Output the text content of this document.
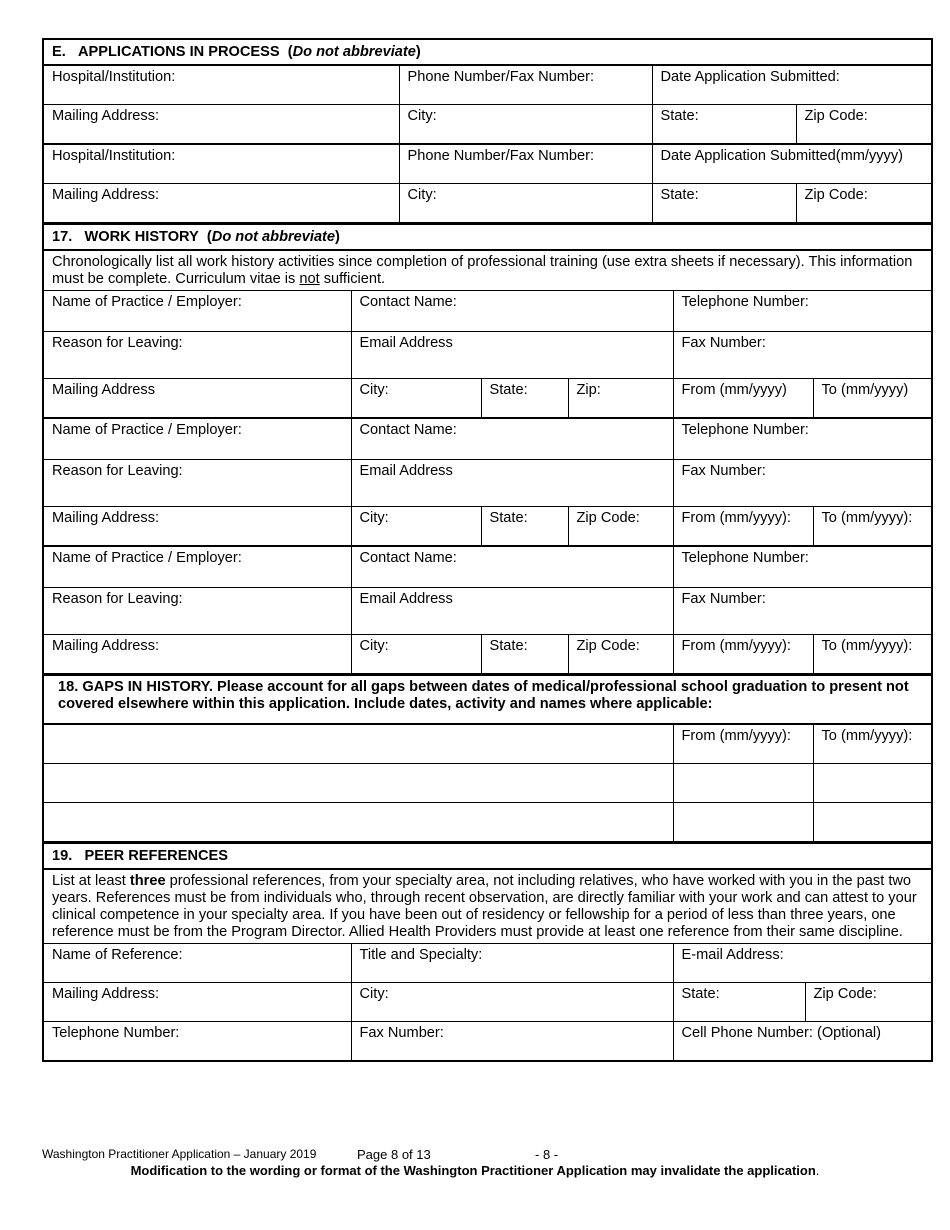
E. APPLICATIONS IN PROCESS  (Do not abbreviate)			
Hospital/Institution:	Phone Number/Fax Number:	Date Application Submitted:	
Mailing Address:	City:	State:	Zip Code:
Hospital/Institution:	Phone Number/Fax Number:	Date Application Submitted(mm/yyyy)	
Mailing Address:	City:	State:	Zip Code:
17. WORK HISTORY  (Do not abbreviate)					
Chronologically list all work history activities since completion of professional training (use extra sheets if necessary). This information must be complete. Curriculum vitae is not sufficient.					
Name of Practice / Employer:	Contact Name:			Telephone Number:	
Reason for Leaving:	Email Address			Fax Number:	
Mailing Address	City:	State:	Zip:	From (mm/yyyy)	To (mm/yyyy)
Name of Practice / Employer:	Contact Name:			Telephone Number:	
Reason for Leaving:	Email Address			Fax Number:	
Mailing Address:	City:	State:	Zip Code:	From (mm/yyyy):	To (mm/yyyy):
Name of Practice / Employer:	Contact Name:			Telephone Number:	
Reason for Leaving:	Email Address			Fax Number:	
Mailing Address:	City:	State:	Zip Code:	From (mm/yyyy):	To (mm/yyyy):
18. GAPS IN HISTORY. Please account for all gaps between dates of medical/professional school graduation to present not covered elsewhere within this application. Include dates, activity and names where applicable:		
	From (mm/yyyy):	To (mm/yyyy):

19. PEER REFERENCES			
List at least three professional references, from your specialty area, not including relatives, who have worked with you in the past two years. References must be from individuals who, through recent observation, are directly familiar with your work and can attest to your clinical competence in your specialty area. If you have been out of residency or fellowship for a period of less than three years, one reference must be from the Program Director. Allied Health Providers must provide at least one reference from their same discipline.			
Name of Reference:	Title and Specialty:	E-mail Address:	
Mailing Address:	City:	State:	Zip Code:
Telephone Number:	Fax Number:	Cell Phone Number: (Optional)	
Washington Practitioner Application – January 2019	Page 8 of 13	- 8 -
Modification to the wording or format of the Washington Practitioner Application may invalidate the application.
